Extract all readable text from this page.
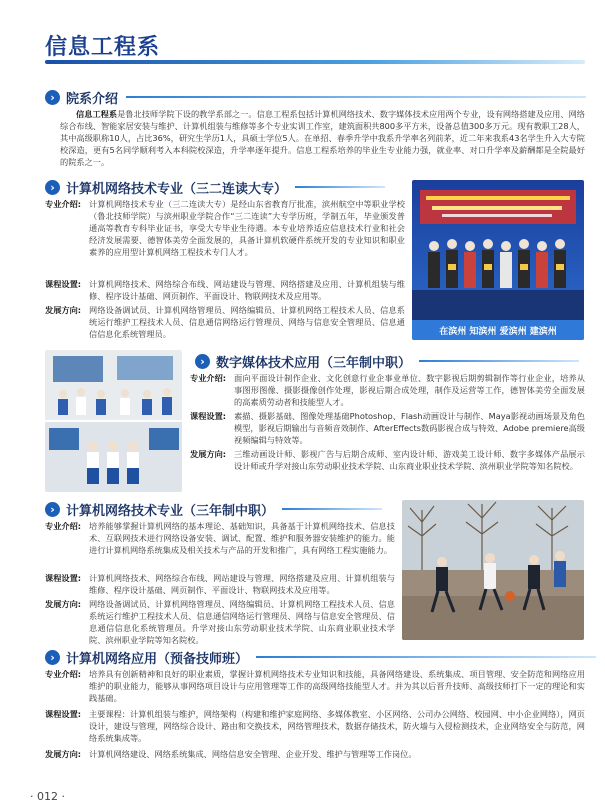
信息工程系
› 院系介绍
信息工程系是鲁北技师学院下设的教学系部之一。信息工程系包括计算机网络技术、数字媒体技术应用两个专业，设有网络搭建及应用、网络综合布线、智能家居安装与维护、计算机组装与维修等多个专业实训工作室，建筑面积共800多平方米，设备总值300多万元。现有教职工28人，其中高级职称10人，占比36%，研究生学历1人，具硕士学位5人。在单招、春季升学中我系升学率名列前茅，近二年来我系43名学生升入大专院校深造，更有5名同学顺利考入本科院校深造，升学率逐年提升。信息工程系培养的毕业生专业能力强，就业率、对口升学率及薪酬都是全院最好的院系之一。
› 计算机网络技术专业（三二连读大专）
专业介绍: 计算机网络技术专业（三二连读大专）是经山东省教育厅批准，滨州航空中等职业学校（鲁北技师学院）与滨州职业学院合作“三二连读”大专学历班，学制五年，毕业颁发普通高等教育专科毕业证书，享受大专毕业生待遇。本专业培养适应信息技术行业和社会经济发展需要、德智体美劳全面发展的，具备计算机软硬件系统开发的专业知识和职业素养的应用型计算机网络工程技术专门人才。
课程设置: 计算机网络技术、网络综合布线、网站建设与管理、网络搭建及应用、计算机组装与维修、程序设计基础、网页制作、平面设计、物联网技术及应用等。
发展方向: 网络设备调试员、计算机网络管理员、网络编辑员、计算机网络工程技术人员、信息系统运行维护工程技术人员、信息通信网络运行管理员、网络与信息安全管理员、信息通信信息化系统管理员。	在滨州 知滨州 爱滨州 建滨州
› 数字媒体技术应用（三年制中职）
专业介绍: 面向平面设计制作企业、文化创意行业企事业单位、数字影视后期剪辑制作等行业企业，培养从事图形图像、摄影摄像创作处理，影视后期合成处理，制作及运营等工作，德智体美劳全面发展的高素质劳动者和技能型人才。
课程设置: 素描、摄影基础、图像处理基础Photoshop、Flash动画设计与制作、Maya影视动画场景及角色模型，影视后期输出与音频音效制作、AfterEffects数码影视合成与特效、Adobe premiere高级视频编辑与特效等。
发展方向: 三维动画设计师、影视广告与后期合成师、室内设计师、游戏美工设计师、数字多媒体产品展示设计师或升学对接山东劳动职业技术学院、山东商业职业技术学院、滨州职业学院等知名院校。
› 计算机网络技术专业（三年制中职）
专业介绍: 培养能够掌握计算机网络的基本理论、基础知识，具备基于计算机网络技术、信息技术、互联网技术进行网络设备安装、调试、配置、维护和服务器安装维护的能力。能进行计算机网络系统集成及相关技术与产品的开发和推广，具有网络工程实施能力。
课程设置: 计算机网络技术、网络综合布线、网站建设与管理、网络搭建及应用、计算机组装与维修、程序设计基础、网页制作、平面设计、物联网技术及应用等。
发展方向: 网络设备调试员、计算机网络管理员、网络编辑员、计算机网络工程技术人员、信息系统运行维护工程技术人员、信息通信网络运行管理员、网络与信息安全管理员、信息通信信息化系统管理员。升学对接山东劳动职业技术学院、山东商业职业技术学院、滨州职业学院等知名院校。
› 计算机网络应用（预备技师班）
专业介绍: 培养具有创新精神和良好的职业素质，掌握计算机网络技术专业知识和技能，具备网络建设、系统集成、项目管理、安全防范和网络应用维护的职业能力，能够从事网络项目设计与应用管理等工作的高级网络技能型人才。并为其以后晋升技师、高级技师打下一定的理论和实践基础。
课程设置: 主要课程：计算机组装与维护，网络架构（构建和维护家庭网络、多媒体教室、小区网络、公司办公网络、校园网、中小企业网络），网页设计，建设与管理，网络综合设计、路由和交换技术，网络管理技术，数据存储技术，防火墙与入侵检测技术，企业网络安全与防范，网络系统集成等。
发展方向: 计算机网络建设、网络系统集成、网络信息安全管理、企业开发、维护与管理等工作岗位。
· 012 ·
